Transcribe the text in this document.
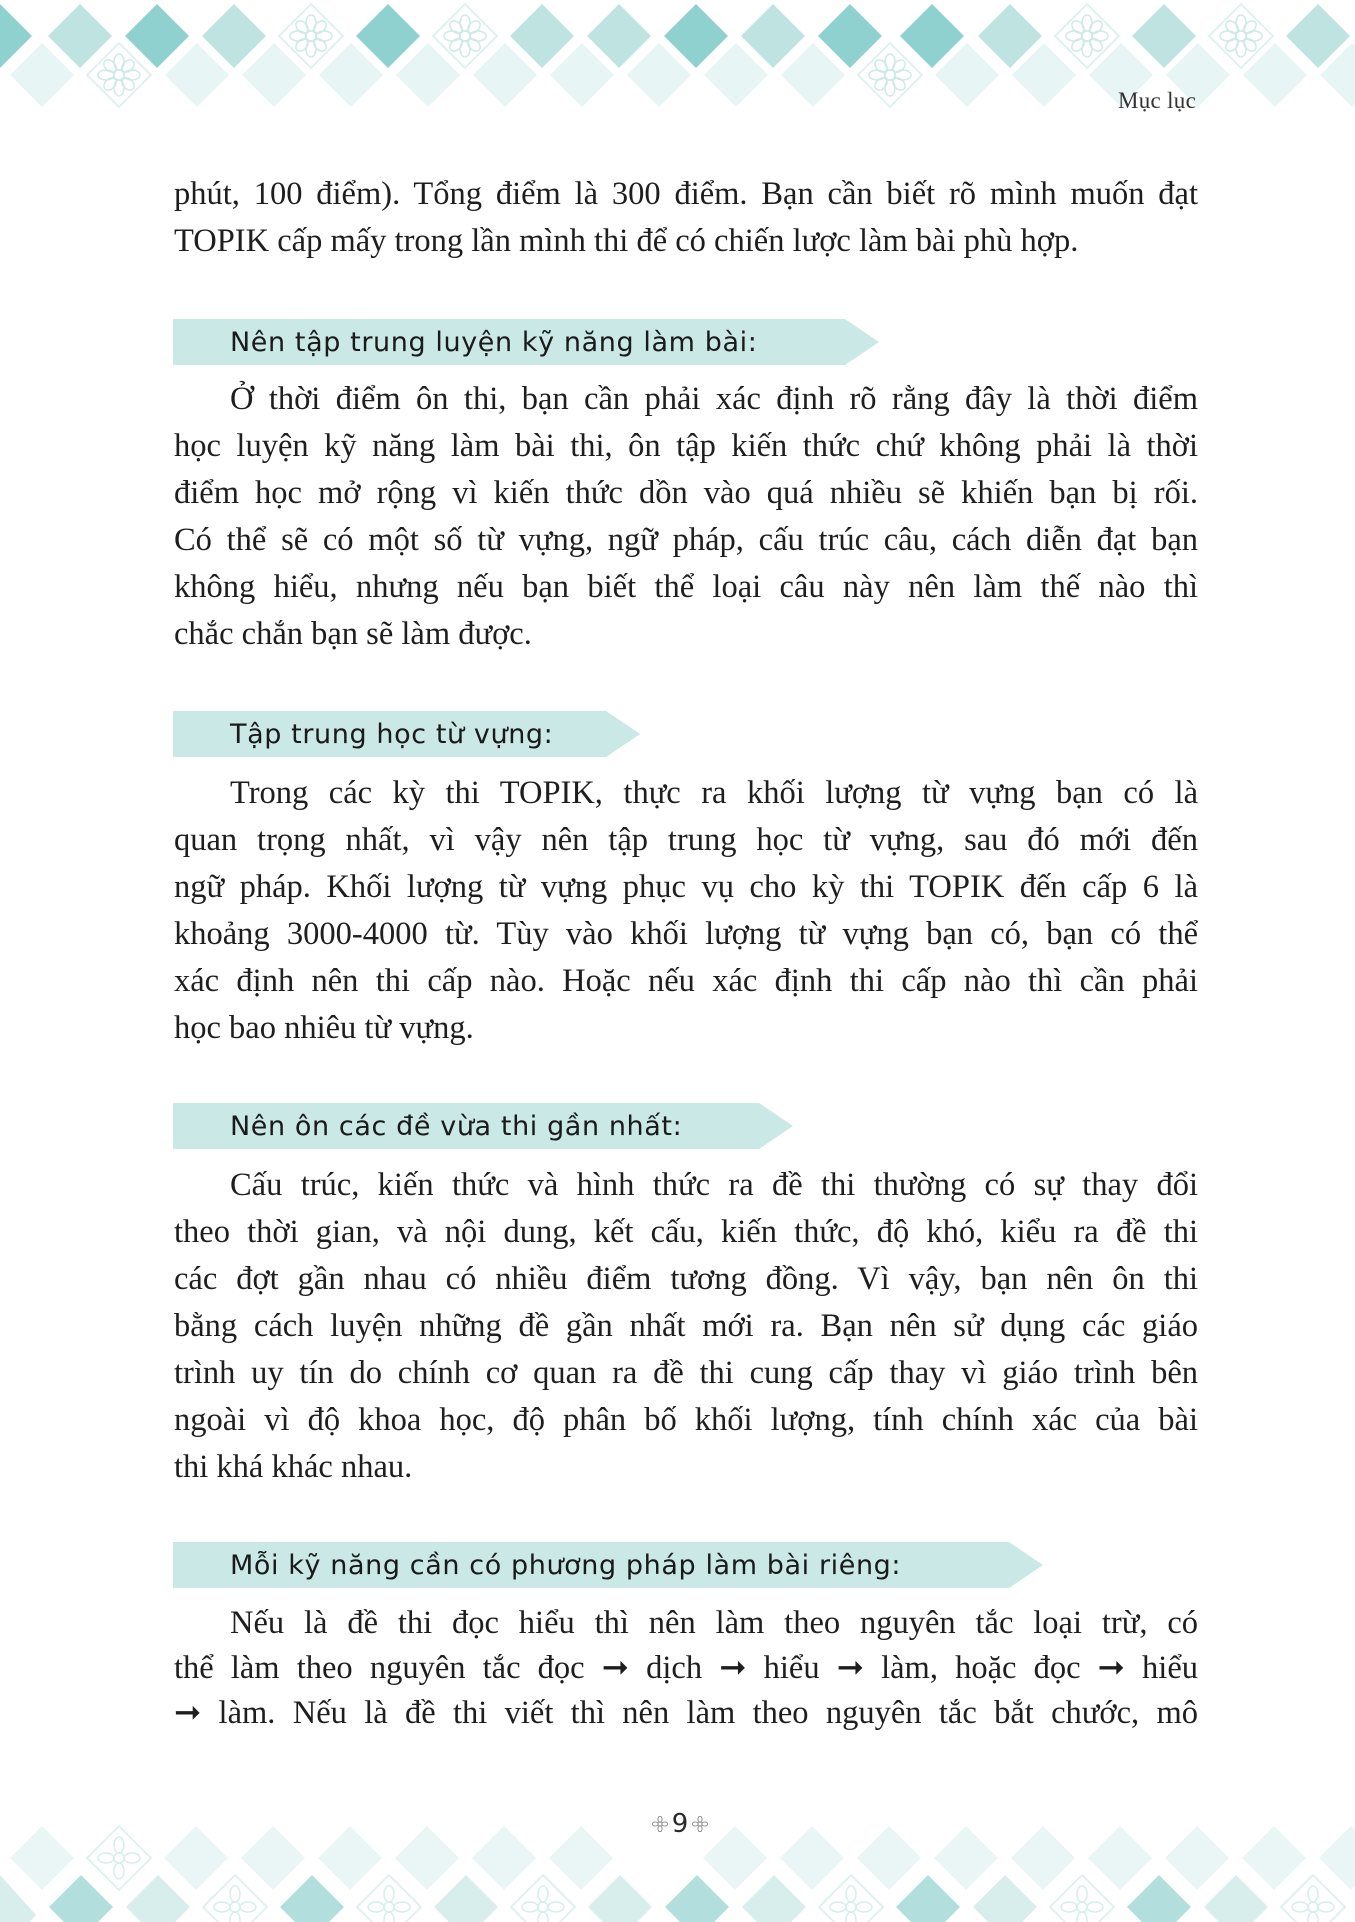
Mục lục
phút, 100 điểm). Tổng điểm là 300 điểm. Bạn cần biết rõ mình muốn đạt
TOPIK cấp mấy trong lần mình thi để có chiến lược làm bài phù hợp.
Nên tập trung luyện kỹ năng làm bài:
Ở thời điểm ôn thi, bạn cần phải xác định rõ rằng đây là thời điểm
học luyện kỹ năng làm bài thi, ôn tập kiến thức chứ không phải là thời
điểm học mở rộng vì kiến thức dồn vào quá nhiều sẽ khiến bạn bị rối.
Có thể sẽ có một số từ vựng, ngữ pháp, cấu trúc câu, cách diễn đạt bạn
không hiểu, nhưng nếu bạn biết thể loại câu này nên làm thế nào thì
chắc chắn bạn sẽ làm được.
Tập trung học từ vựng:
Trong các kỳ thi TOPIK, thực ra khối lượng từ vựng bạn có là
quan trọng nhất, vì vậy nên tập trung học từ vựng, sau đó mới đến
ngữ pháp. Khối lượng từ vựng phục vụ cho kỳ thi TOPIK đến cấp 6 là
khoảng 3000-4000 từ. Tùy vào khối lượng từ vựng bạn có, bạn có thể
xác định nên thi cấp nào. Hoặc nếu xác định thi cấp nào thì cần phải
học bao nhiêu từ vựng.
Nên ôn các đề vừa thi gần nhất:
Cấu trúc, kiến thức và hình thức ra đề thi thường có sự thay đổi
theo thời gian, và nội dung, kết cấu, kiến thức, độ khó, kiểu ra đề thi
các đợt gần nhau có nhiều điểm tương đồng. Vì vậy, bạn nên ôn thi
bằng cách luyện những đề gần nhất mới ra. Bạn nên sử dụng các giáo
trình uy tín do chính cơ quan ra đề thi cung cấp thay vì giáo trình bên
ngoài vì độ khoa học, độ phân bố khối lượng, tính chính xác của bài
thi khá khác nhau.
Mỗi kỹ năng cần có phương pháp làm bài riêng:
Nếu là đề thi đọc hiểu thì nên làm theo nguyên tắc loại trừ, có
thể làm theo nguyên tắc đọc ➞ dịch ➞ hiểu ➞ làm, hoặc đọc ➞ hiểu
➞ làm. Nếu là đề thi viết thì nên làm theo nguyên tắc bắt chước, mô
9
